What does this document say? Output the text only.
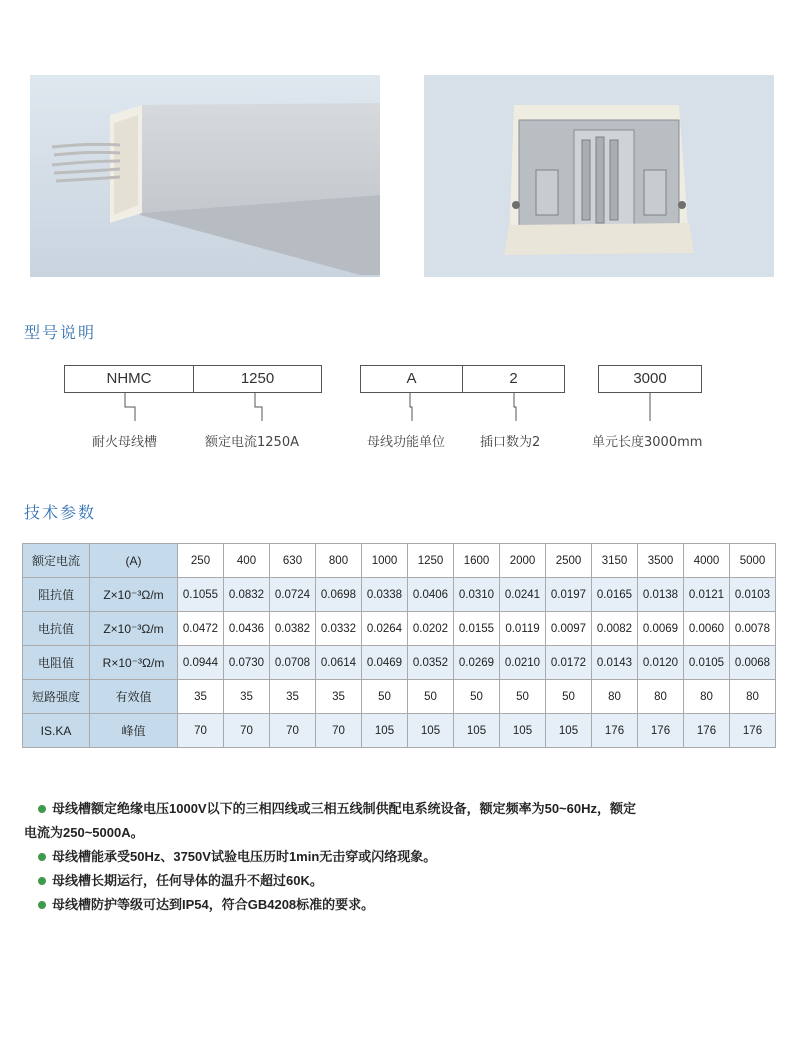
型号说明
NHMC	1250	A	2	3000
耐火母线槽	额定电流1250A	母线功能单位	插口数为2	单元长度3000mm
技术参数
额定电流	(A)	250	400	630	800	1000	1250	1600	2000	2500	3150	3500	4000	5000
阻抗值	Z×10⁻³Ω/m	0.1055	0.0832	0.0724	0.0698	0.0338	0.0406	0.0310	0.0241	0.0197	0.0165	0.0138	0.0121	0.0103
电抗值	Z×10⁻³Ω/m	0.0472	0.0436	0.0382	0.0332	0.0264	0.0202	0.0155	0.0119	0.0097	0.0082	0.0069	0.0060	0.0078
电阻值	R×10⁻³Ω/m	0.0944	0.0730	0.0708	0.0614	0.0469	0.0352	0.0269	0.0210	0.0172	0.0143	0.0120	0.0105	0.0068
短路强度	有效值	35	35	35	35	50	50	50	50	50	80	80	80	80
IS.KA	峰值	70	70	70	70	105	105	105	105	105	176	176	176	176
母线槽额定绝缘电压1000V以下的三相四线或三相五线制供配电系统设备，额定频率为50~60Hz，额定
电流为250~5000A。
母线槽能承受50Hz、3750V试验电压历时1min无击穿或闪络现象。
母线槽长期运行，任何导体的温升不超过60K。
母线槽防护等级可达到IP54，符合GB4208标准的要求。
